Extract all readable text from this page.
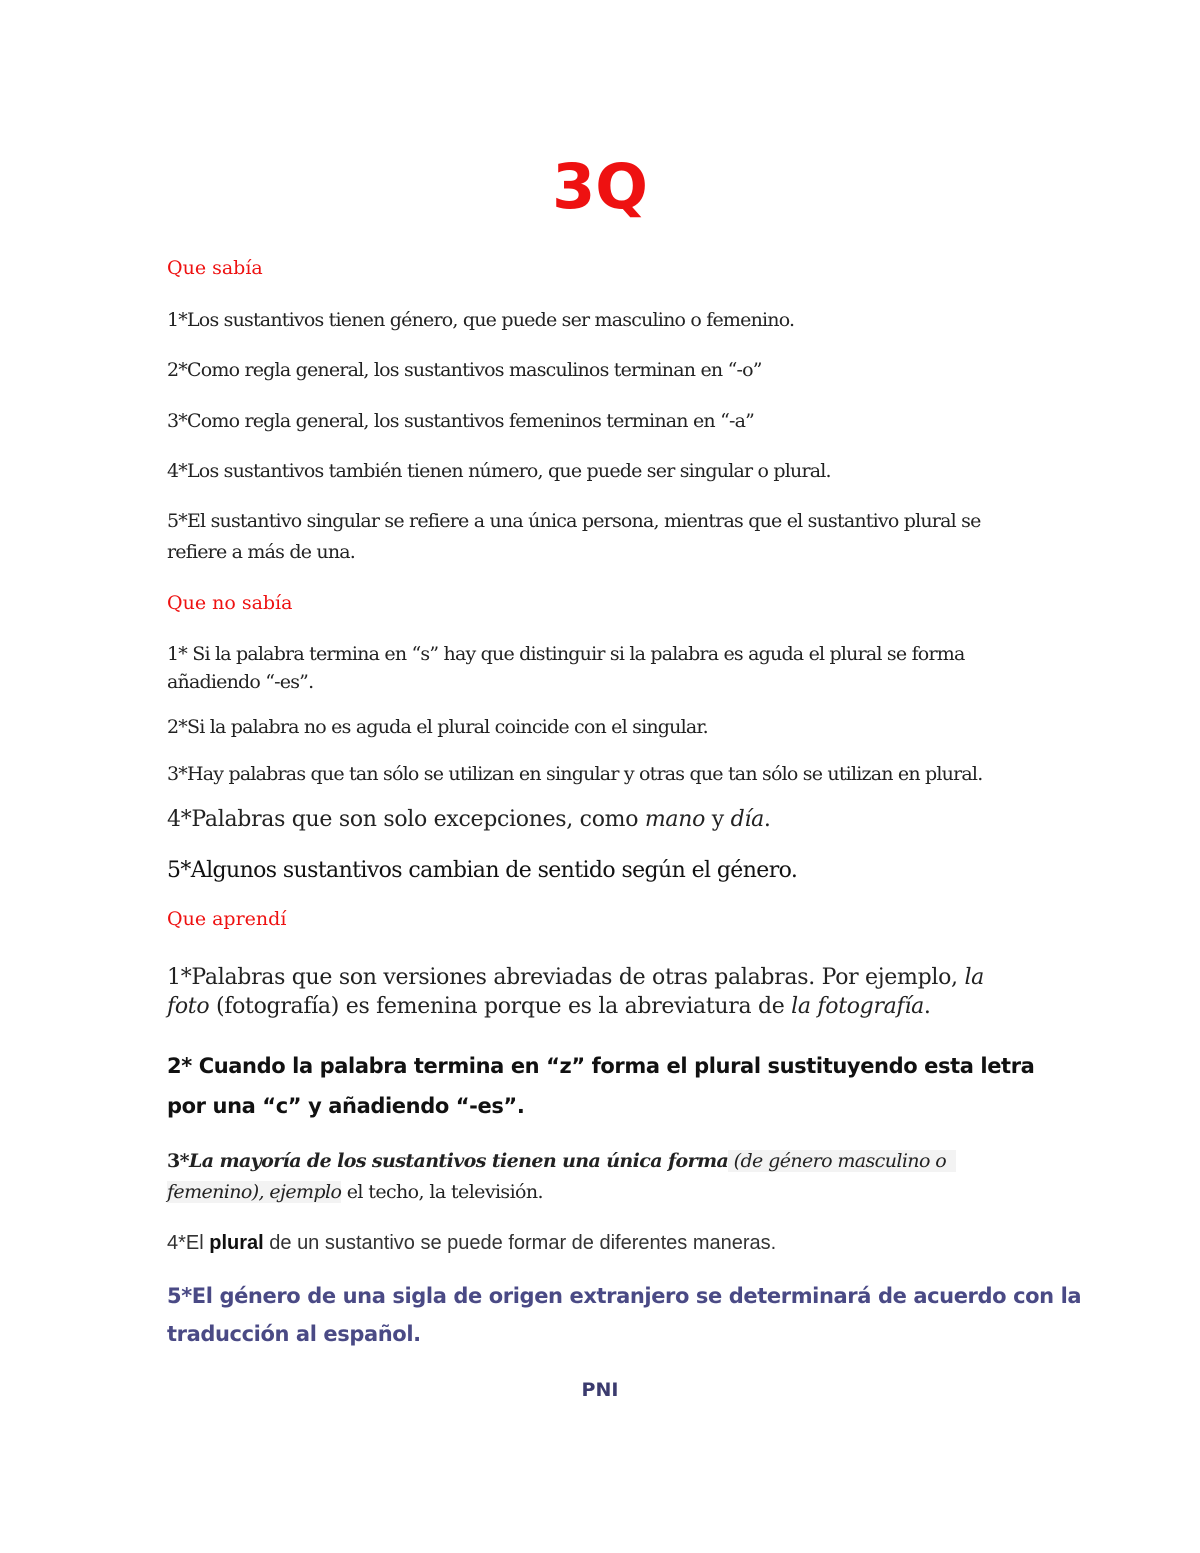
3Q
Que sabía
1*Los sustantivos tienen género, que puede ser masculino o femenino.
2*Como regla general, los sustantivos masculinos terminan en “-o”
3*Como regla general, los sustantivos femeninos terminan en “-a”
4*Los sustantivos también tienen número, que puede ser singular o plural.
5*El sustantivo singular se refiere a una única persona, mientras que el sustantivo plural se
refiere a más de una.
Que no sabía
1* Si la palabra termina en “s” hay que distinguir si la palabra es aguda el plural se forma
añadiendo “-es”.
2*Si la palabra no es aguda el plural coincide con el singular.
3*Hay palabras que tan sólo se utilizan en singular y otras que tan sólo se utilizan en plural.
4*Palabras que son solo excepciones, como mano y día.
5*Algunos sustantivos cambian de sentido según el género.
Que aprendí
1*Palabras que son versiones abreviadas de otras palabras. Por ejemplo, la
foto (fotografía) es femenina porque es la abreviatura de la fotografía.
2* Cuando la palabra termina en “z” forma el plural sustituyendo esta letra
por una “c” y añadiendo “-es”.
3*La mayoría de los sustantivos tienen una única forma (de género masculino o
femenino), ejemplo el techo, la televisión.
4*El plural de un sustantivo se puede formar de diferentes maneras.
5*El género de una sigla de origen extranjero se determinará de acuerdo con la
traducción al español.
PNI
